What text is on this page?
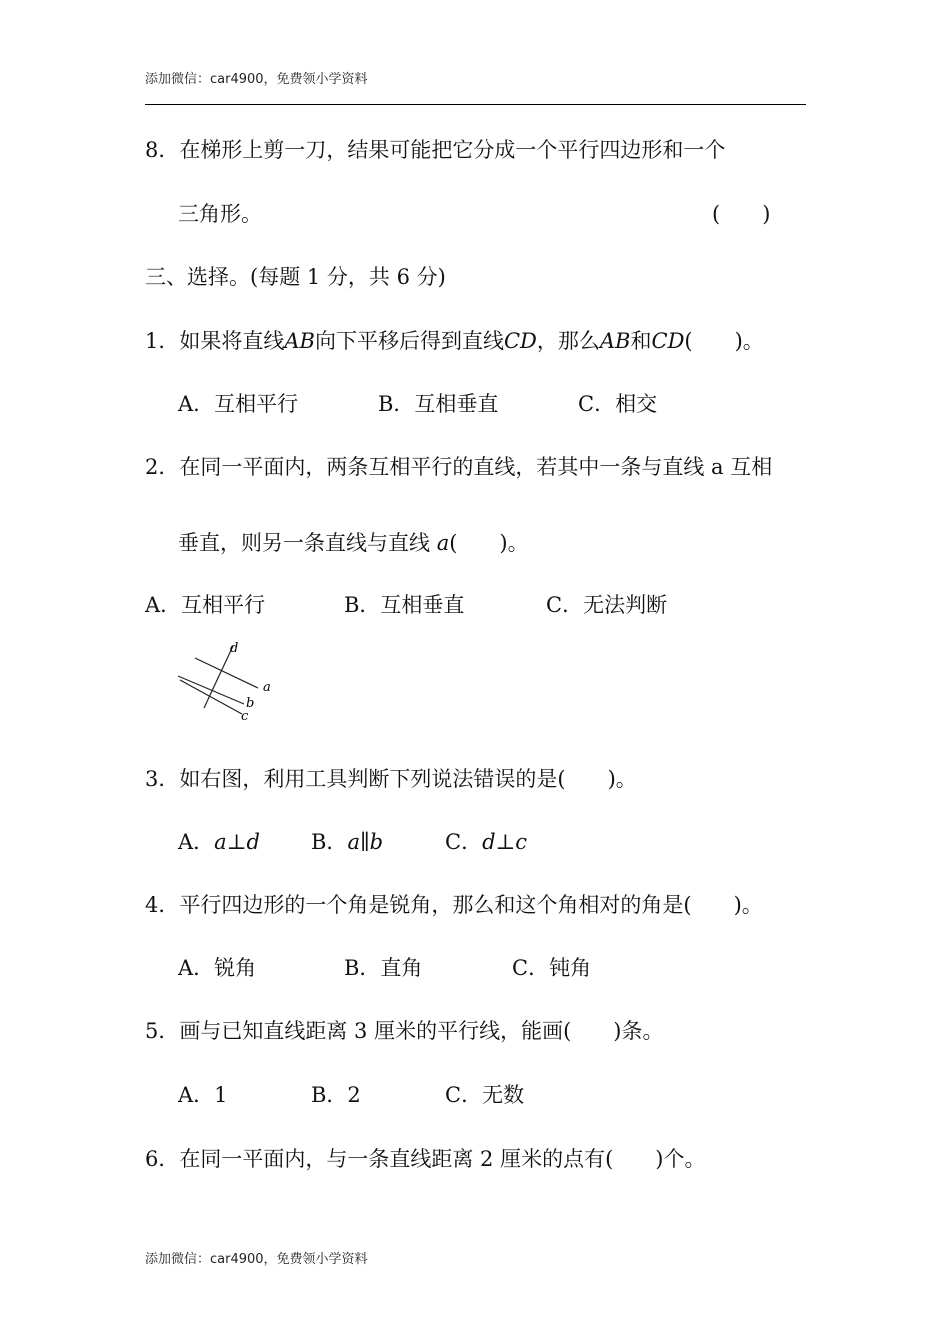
添加微信：car4900，免费领小学资料
8．在梯形上剪一刀，结果可能把它分成一个平行四边形和一个
三角形。	(　　)
三、选择。(每题 1 分，共 6 分)
1．如果将直线AB向下平移后得到直线CD，那么AB和CD(　　)。
A．互相平行	B．互相垂直	C．相交
2．在同一平面内，两条互相平行的直线，若其中一条与直线 a 互相
垂直，则另一条直线与直线 a(　　)。
A．互相平行	B．互相垂直	C．无法判断
d
a
b
c
3．如右图，利用工具判断下列说法错误的是(　　)。
A．a⊥d B．a∥b	C．d⊥c
4．平行四边形的一个角是锐角，那么和这个角相对的角是(　　)。
A．锐角	B．直角	C．钝角
5．画与已知直线距离 3 厘米的平行线，能画(　　)条。
A．1	B．2	C．无数
6．在同一平面内，与一条直线距离 2 厘米的点有(　　)个。
添加微信：car4900，免费领小学资料
